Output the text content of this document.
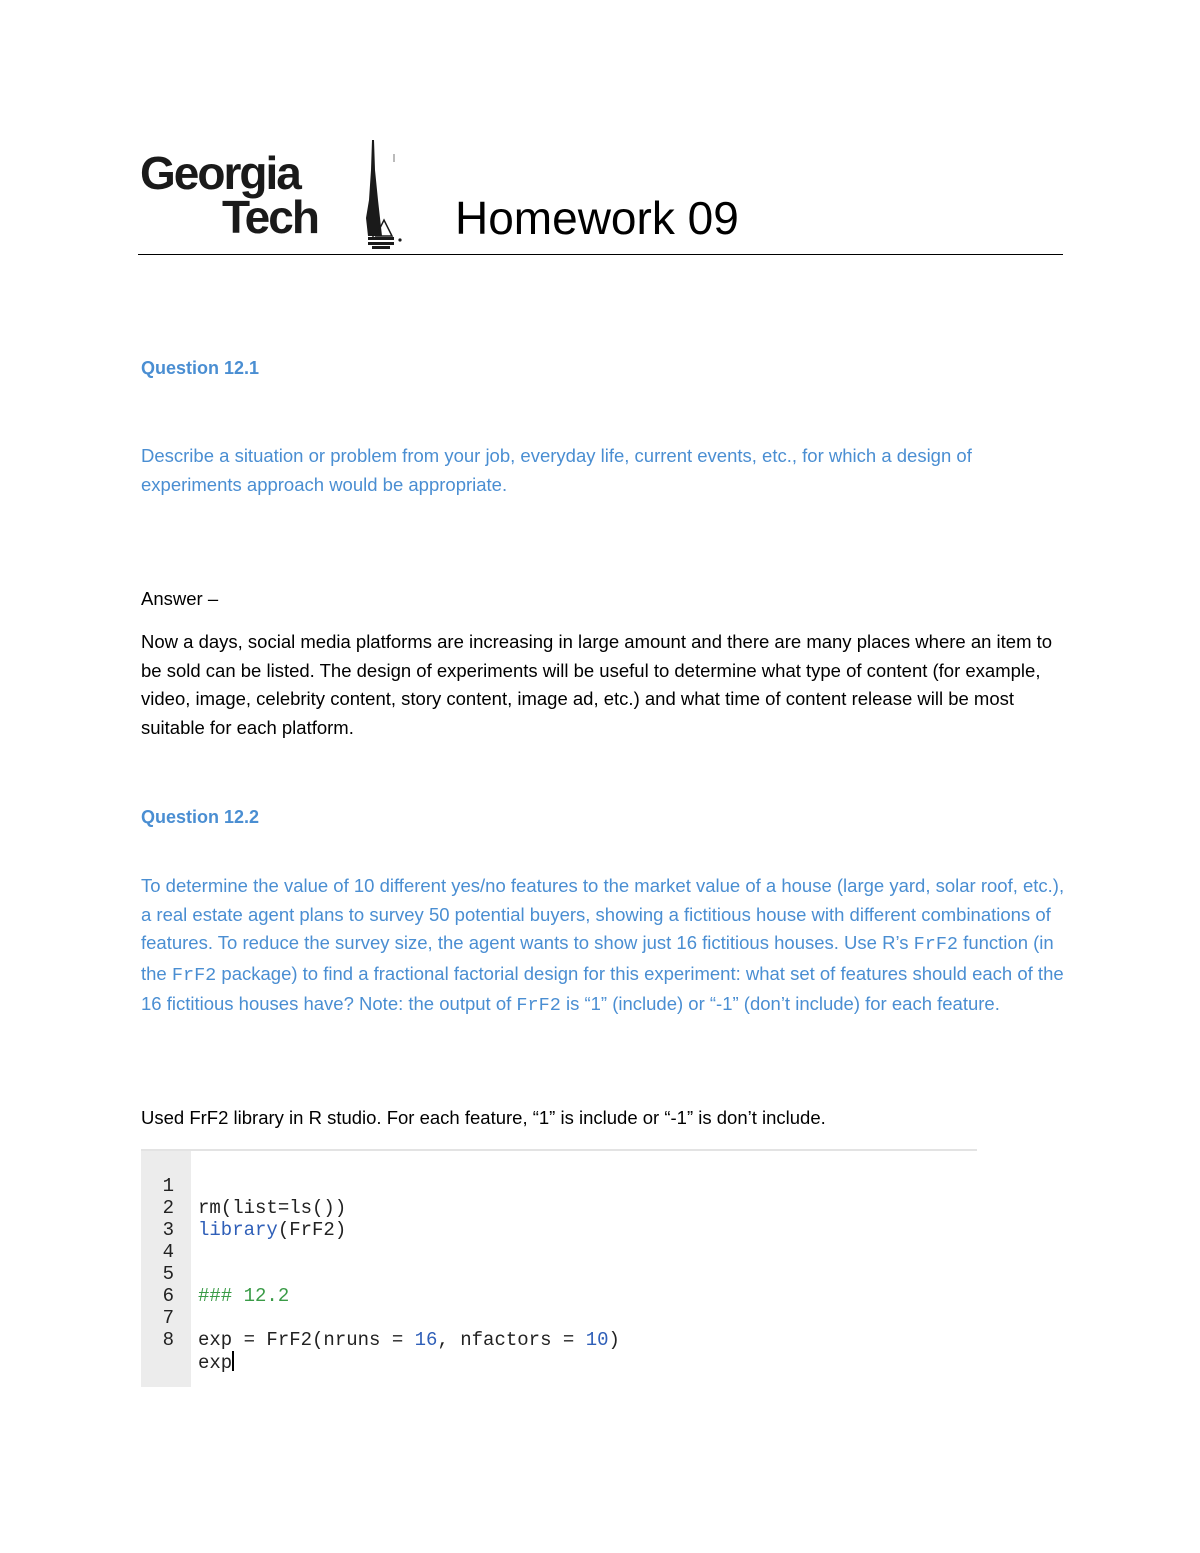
Georgia
Tech	Homework 09
Question 12.1
Describe a situation or problem from your job, everyday life, current events, etc., for which a design of experiments approach would be appropriate.
Answer –
Now a days, social media platforms are increasing in large amount and there are many places where an item to be sold can be listed. The design of experiments will be useful to determine what type of content (for example, video, image, celebrity content, story content, image ad, etc.) and what time of content release will be most suitable for each platform.
Question 12.2
To determine the value of 10 different yes/no features to the market value of a house (large yard, solar roof, etc.), a real estate agent plans to survey 50 potential buyers, showing a fictitious house with different combinations of features. To reduce the survey size, the agent wants to show just 16 fictitious houses. Use R’s FrF2 function (in the FrF2 package) to find a fractional factorial design for this experiment: what set of features should each of the 16 fictitious houses have? Note: the output of FrF2 is “1” (include) or “-1” (don’t include) for each feature.
Used FrF2 library in R studio. For each feature, “1” is include or “-1” is don’t include.

1

rm(list=ls())

2

library(FrF2)

3

4

5

### 12.2

6

7

exp = FrF2(nruns = 16, nfactors = 10)

8

exp
